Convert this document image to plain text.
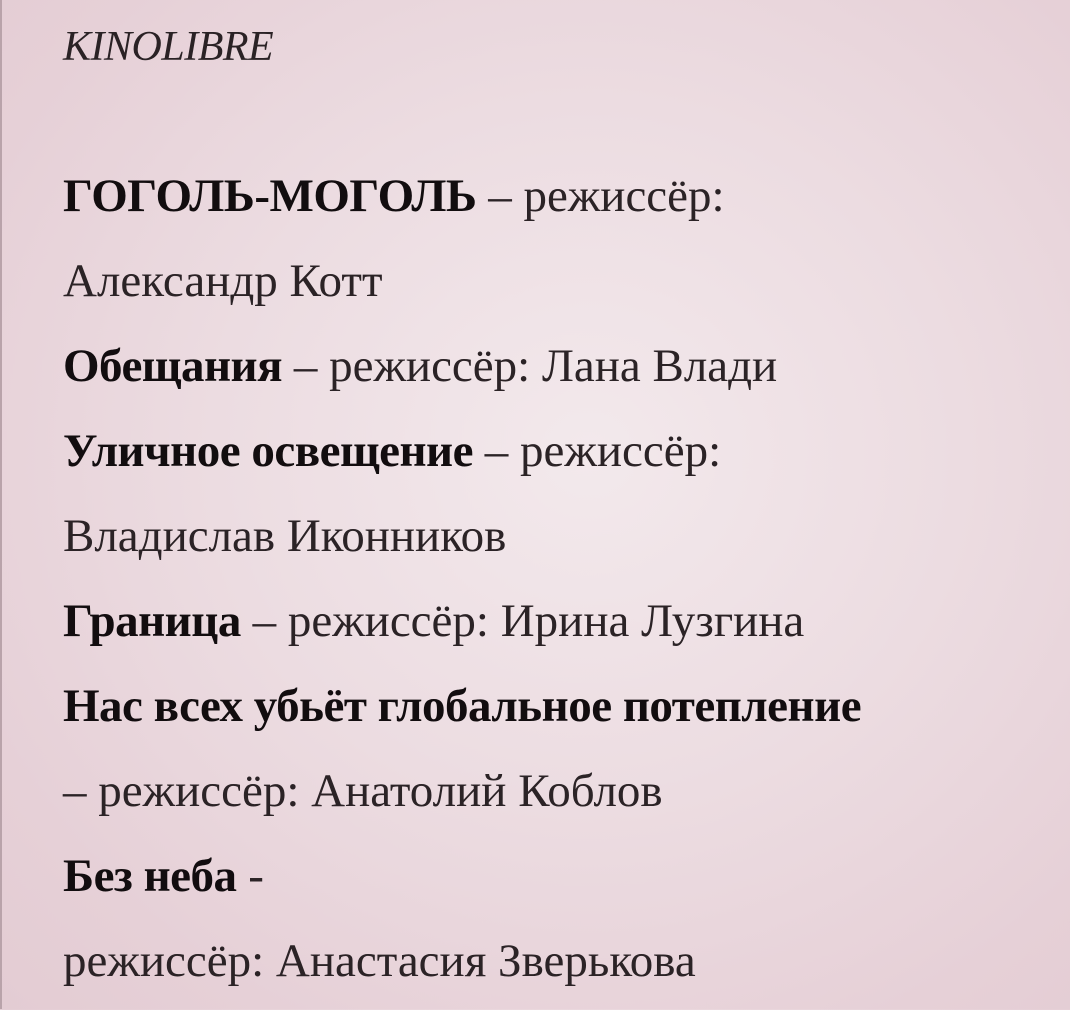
KINOLIBRE
ГОГОЛЬ-МОГОЛЬ – режиссёр:
Александр Котт
Обещания – режиссёр: Лана Влади
Уличное освещение – режиссёр:
Владислав Иконников
Граница – режиссёр: Ирина Лузгина
Нас всех убьёт глобальное потепление
– режиссёр: Анатолий Коблов
Без неба -
режиссёр: Анастасия Зверькова
